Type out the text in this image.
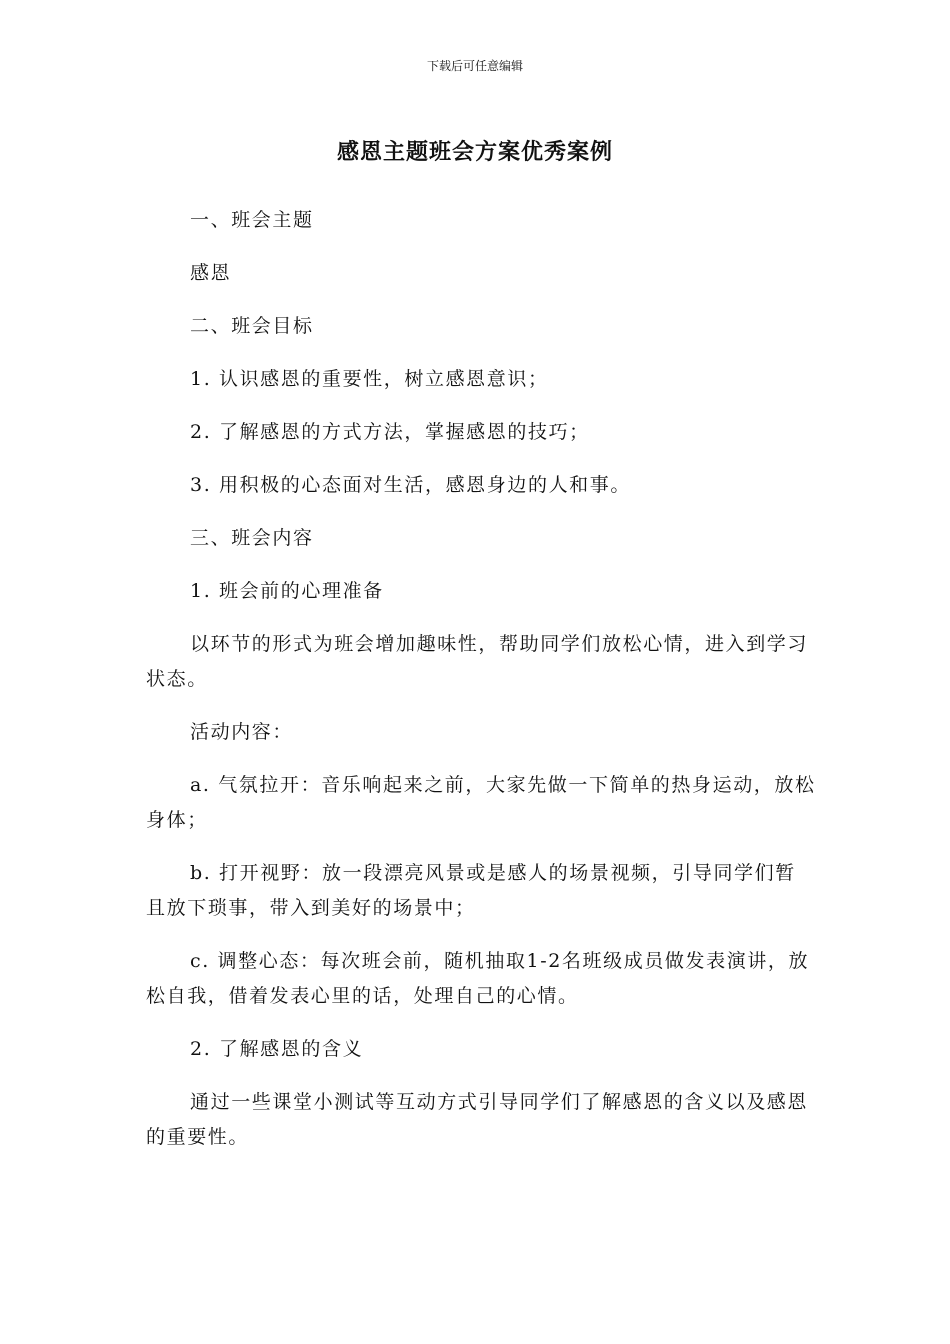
下载后可任意编辑
感恩主题班会方案优秀案例

一、班会主题

感恩

二、班会目标

1. 认识感恩的重要性，树立感恩意识；

2. 了解感恩的方式方法，掌握感恩的技巧；

3. 用积极的心态面对生活，感恩身边的人和事。

三、班会内容

1. 班会前的心理准备

以环节的形式为班会增加趣味性，帮助同学们放松心情，进入到学习状态。

活动内容：

a. 气氛拉开：音乐响起来之前，大家先做一下简单的热身运动，放松身体；

b. 打开视野：放一段漂亮风景或是感人的场景视频，引导同学们暂且放下琐事，带入到美好的场景中；

c. 调整心态：每次班会前，随机抽取1-2名班级成员做发表演讲，放松自我，借着发表心里的话，处理自己的心情。

2. 了解感恩的含义

通过一些课堂小测试等互动方式引导同学们了解感恩的含义以及感恩的重要性。
